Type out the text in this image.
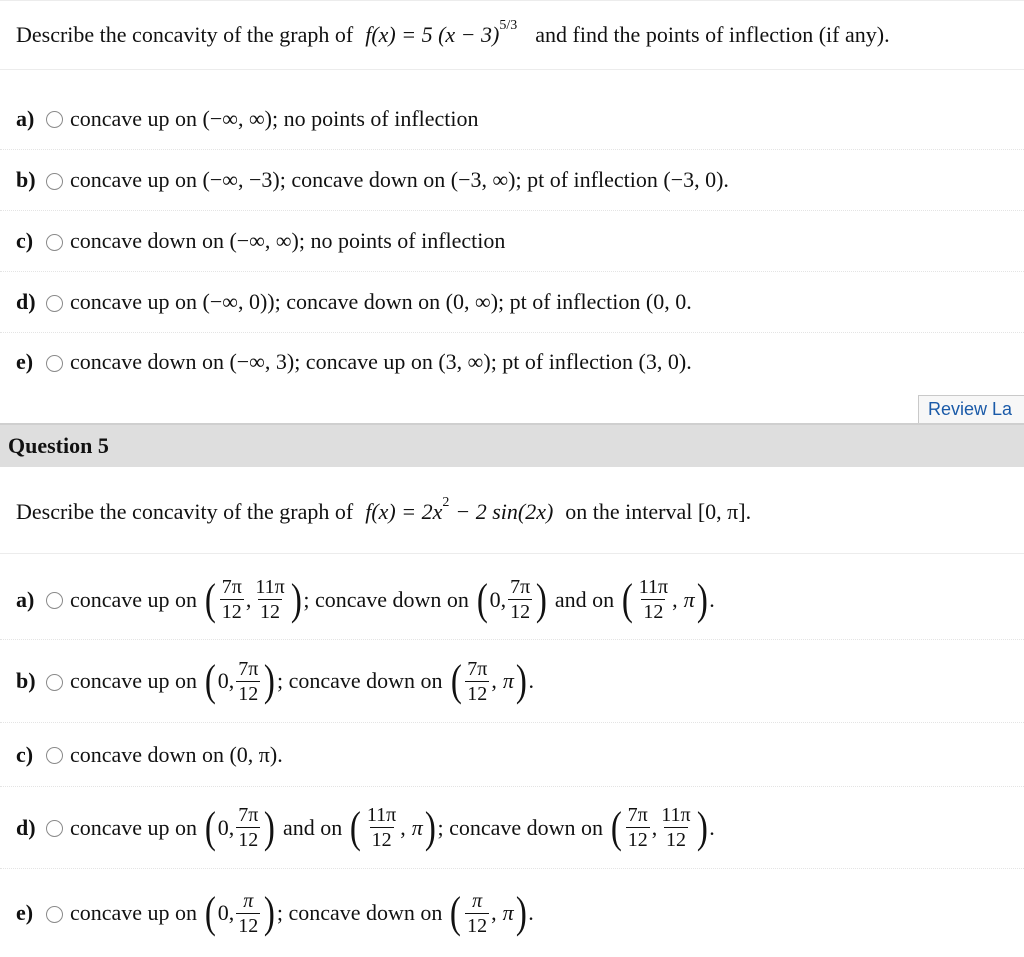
Describe the concavity of the graph of f(x) = 5 (x − 3) 5/3 and find the points of inflection (if any).
a)	concave up on (−∞, ∞); no points of inflection
b)	concave up on (−∞, −3); concave down on (−3, ∞); pt of inflection (−3, 0).
c)	concave down on (−∞, ∞); no points of inflection
d)	concave up on (−∞, 0)); concave down on (0, ∞); pt of inflection (0, 0.
e)	concave down on (−∞, 3); concave up on (3, ∞); pt of inflection (3, 0).
Review La
Question 5
Describe the concavity of the graph of f(x) = 2x 2 − 2 sin(2x) on the interval [0, π].
a)	concave up on ( $\frac{7\pi}{12}$ , $\frac{11\pi}{12}$ ) ; concave down on ( 0, $\frac{7\pi}{12}$ ) and on ( $\frac{11\pi}{12}$ , π ) .
b)	concave up on ( 0, $\frac{7\pi}{12}$ ) ; concave down on ( $\frac{7\pi}{12}$ , π ) .
c)	concave down on (0, π).
d)	concave up on ( 0, $\frac{7\pi}{12}$ ) and on ( $\frac{11\pi}{12}$ , π ) ; concave down on ( $\frac{7\pi}{12}$ , $\frac{11\pi}{12}$ ) .
e)	concave up on ( 0, $\frac{\pi}{12}$ ) ; concave down on ( $\frac{\pi}{12}$ , π ) .
